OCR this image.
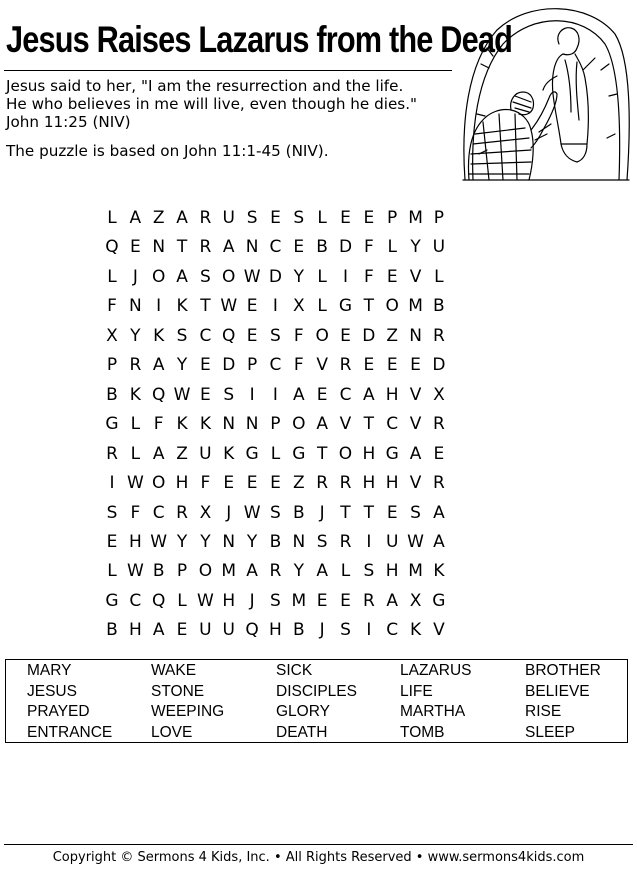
Jesus Raises Lazarus from the Dead

Jesus said to her, "I am the resurrection and the life.
He who believes in me will live, even though he dies."
John 11:25 (NIV)

The puzzle is based on John 11:1-45 (NIV).

L A Z A R U S E S L E E P M P
Q E N T R A N C E B D F L Y U
L J O A S O W D Y L I F E V L
F N I K T W E I X L G T O M B
X Y K S C Q E S F O E D Z N R
P R A Y E D P C F V R E E E D
B K Q W E S I	I A E C A H V X
G L F K K N N P O A V T C V R
R L A Z U K G L G T O H G A E
I W O H F E E E Z R R H H V R
S F C R X J W S B J T T E S A
E H W Y Y N Y B N S R I U W A
L W B P O M A R Y A L S H M K
G C Q L W H J S M E E R A X G
B H A E U U Q H B J S I C K V
MARY
JESUS
PRAYED
ENTRANCE
WAKE
STONE
WEEPING
LOVE
SICK
DISCIPLES
GLORY
DEATH
LAZARUS
LIFE
MARTHA
TOMB
BROTHER
BELIEVE
RISE
SLEEP
Copyright © Sermons 4 Kids, Inc. • All Rights Reserved • www.sermons4kids.com
